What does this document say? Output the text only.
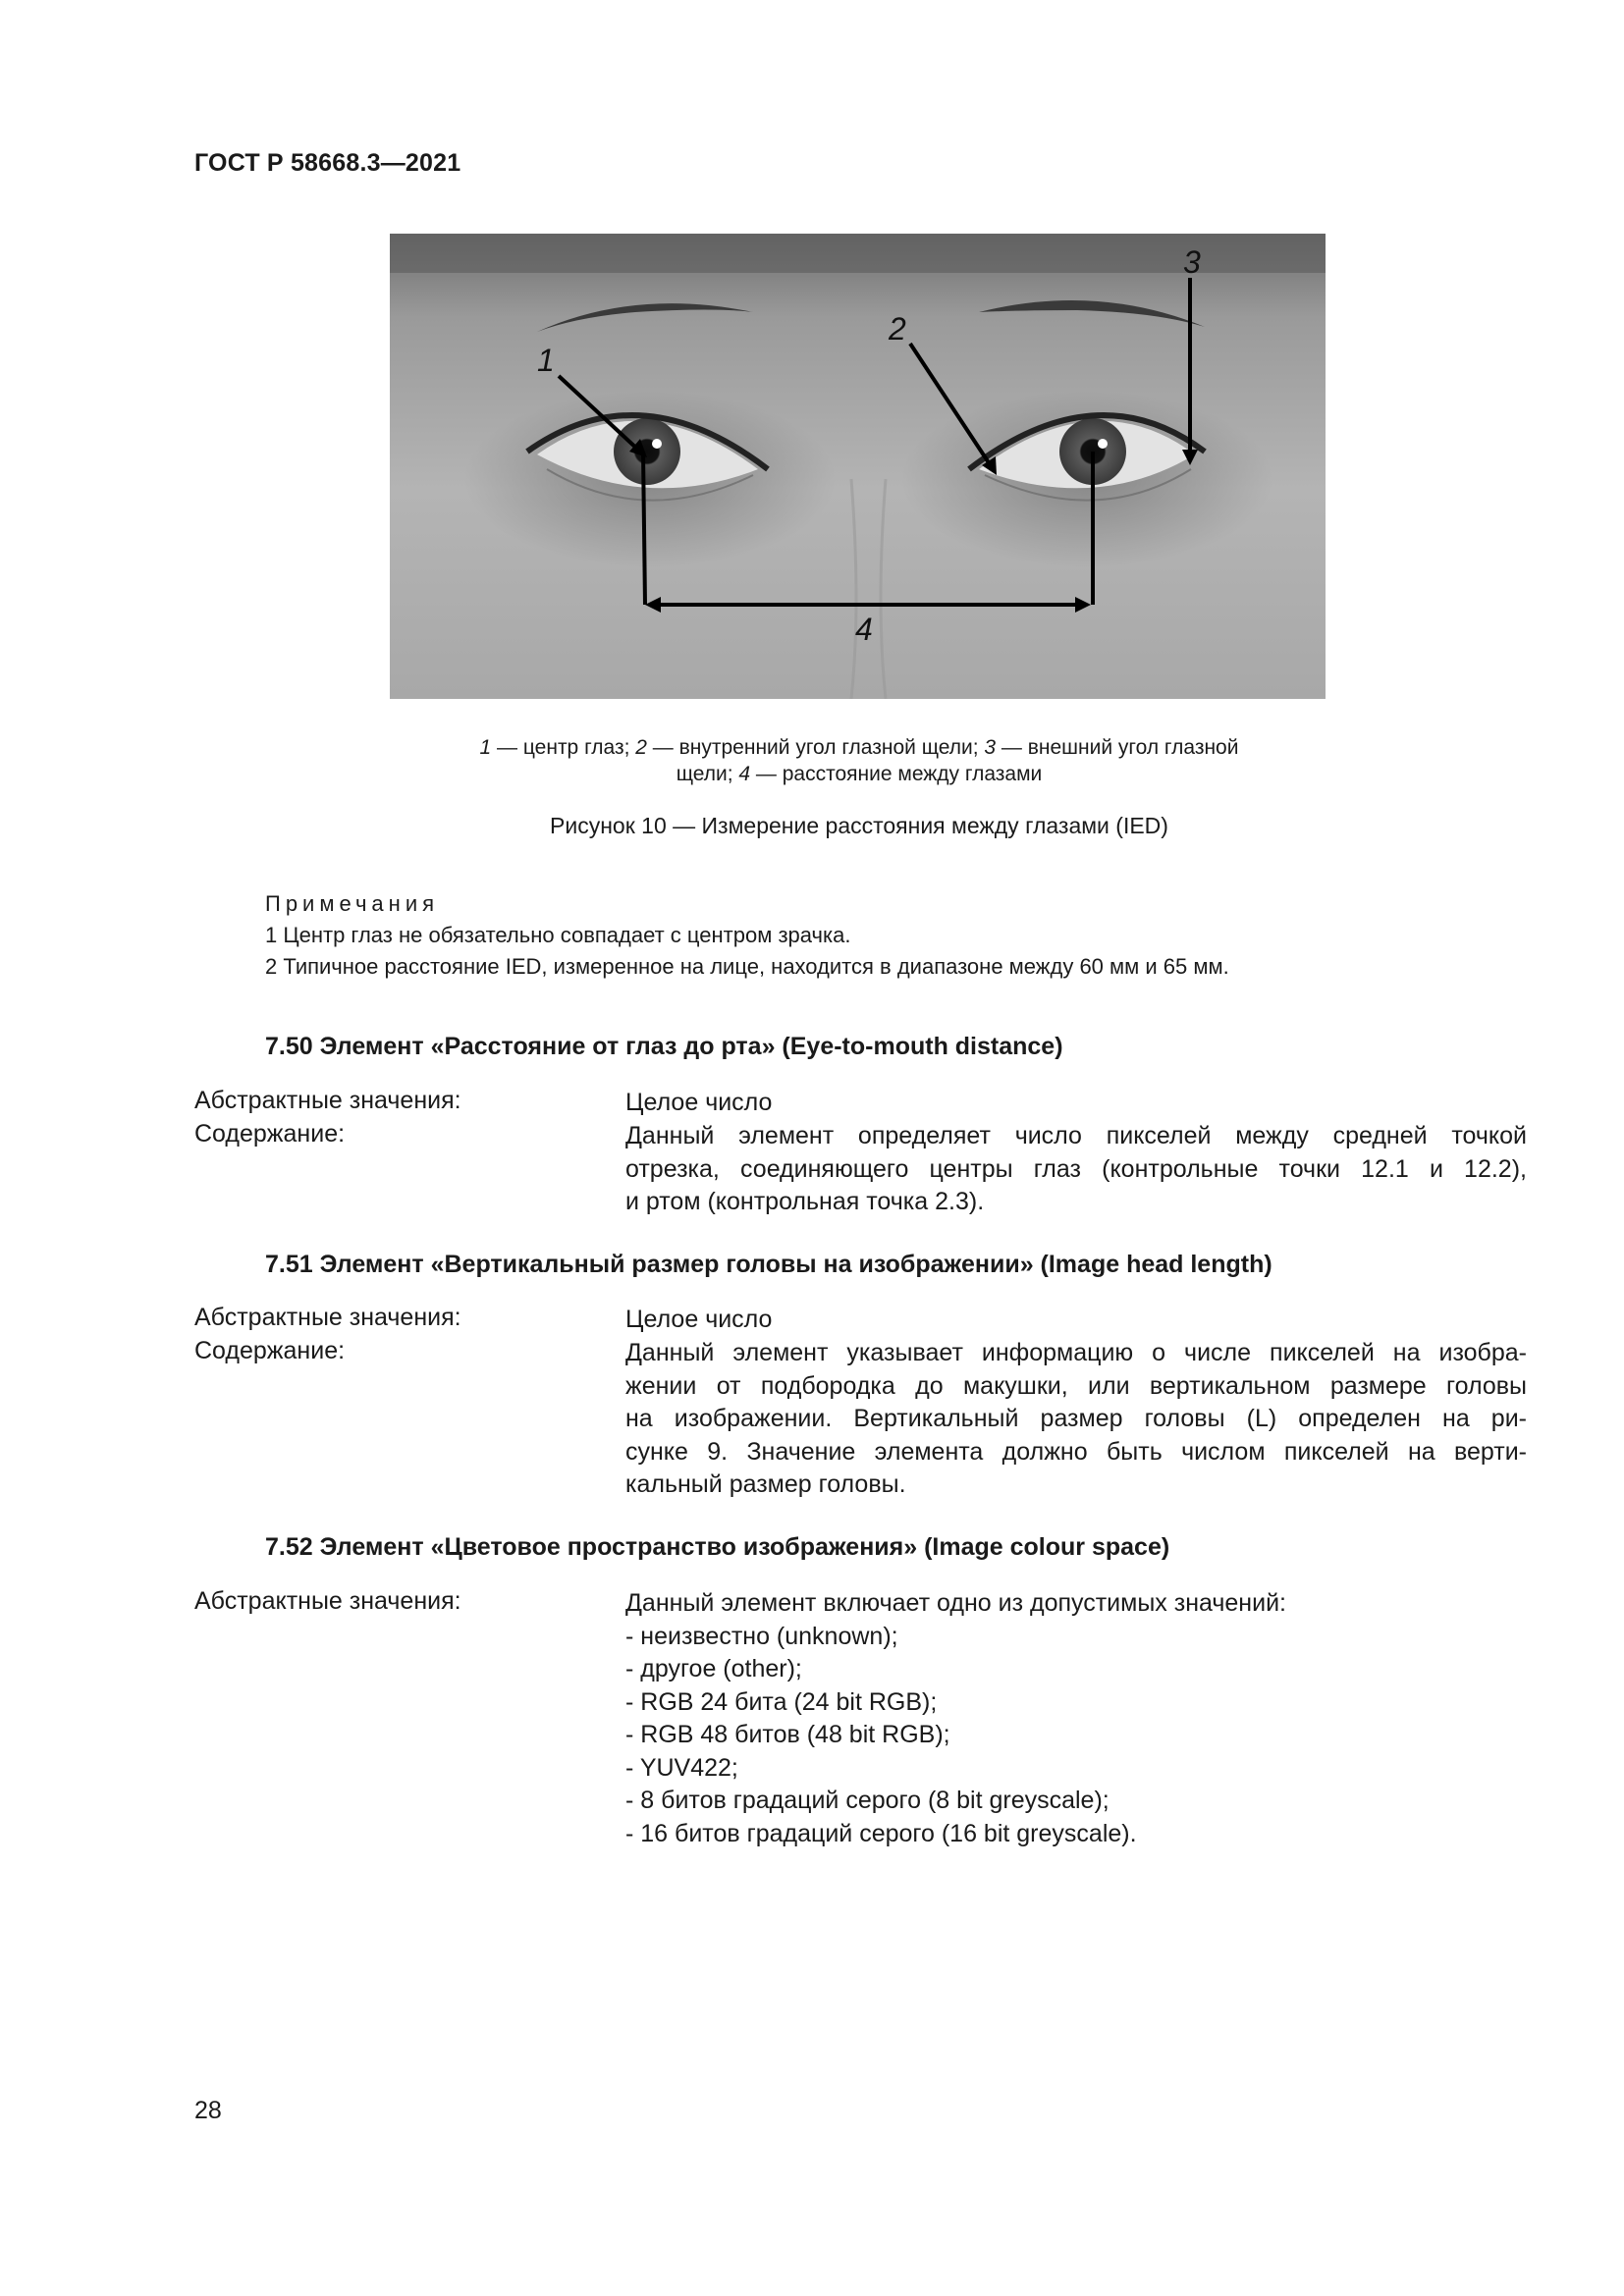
ГОСТ Р 58668.3—2021
1
2
3
4
1 — центр глаз; 2 — внутренний угол глазной щели; 3 — внешний угол глазной
щели; 4 — расстояние между глазами
Рисунок 10 — Измерение расстояния между глазами (IED)
Примечания
1 Центр глаз не обязательно совпадает с центром зрачка.
2 Типичное расстояние IED, измеренное на лице, находится в диапазоне между 60 мм и 65 мм.
7.50 Элемент «Расстояние от глаз до рта» (Eye-to-mouth distance)
Абстрактные значения:	Целое число
Содержание:	Данный элемент определяет число пикселей между средней точкой
отрезка, соединяющего центры глаз (контрольные точки 12.1 и 12.2),
и ртом (контрольная точка 2.3).
7.51 Элемент «Вертикальный размер головы на изображении» (Image head length)
Абстрактные значения:	Целое число
Содержание:	Данный элемент указывает информацию о числе пикселей на изобра-
жении от подбородка до макушки, или вертикальном размере головы
на изображении. Вертикальный размер головы (L) определен на ри-
сунке 9. Значение элемента должно быть числом пикселей на верти-
кальный размер головы.
7.52 Элемент «Цветовое пространство изображения» (Image colour space)
Абстрактные значения:	Данный элемент включает одно из допустимых значений:
- неизвестно (unknown);
- другое (other);
- RGB 24 бита (24 bit RGB);
- RGB 48 битов (48 bit RGB);
- YUV422;
- 8 битов градаций серого (8 bit greyscale);
- 16 битов градаций серого (16 bit greyscale).
28
